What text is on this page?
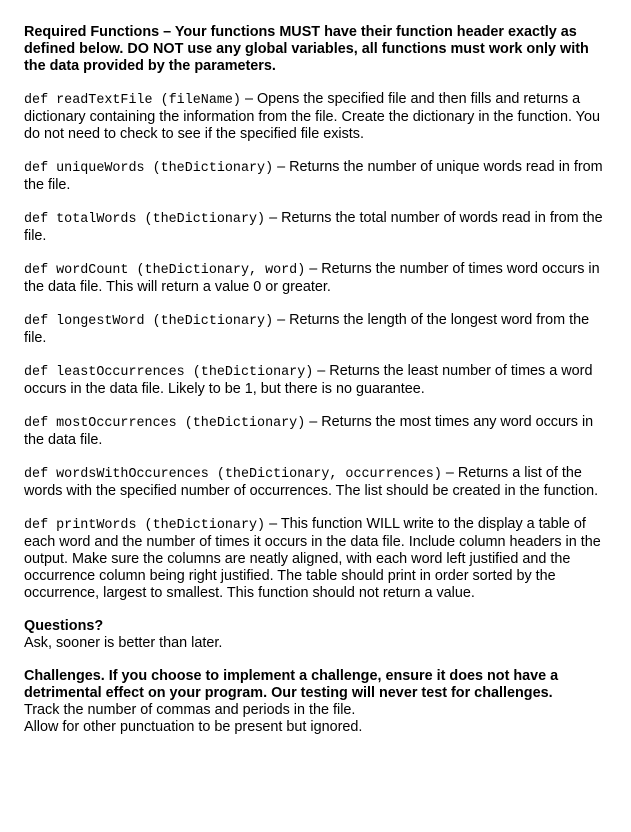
Required Functions – Your functions MUST have their function header exactly as defined below. DO NOT use any global variables, all functions must work only with the data provided by the parameters.

def readTextFile (fileName) – Opens the specified file and then fills and returns a dictionary containing the information from the file. Create the dictionary in the function. You do not need to check to see if the specified file exists.

def uniqueWords (theDictionary) – Returns the number of unique words read in from the file.

def totalWords (theDictionary) – Returns the total number of words read in from the file.

def wordCount (theDictionary, word) – Returns the number of times word occurs in the data file. This will return a value 0 or greater.

def longestWord (theDictionary) – Returns the length of the longest word from the file.

def leastOccurrences (theDictionary) – Returns the least number of times a word occurs in the data file. Likely to be 1, but there is no guarantee.

def mostOccurrences (theDictionary) – Returns the most times any word occurs in the data file.

def wordsWithOccurences (theDictionary, occurrences) – Returns a list of the words with the specified number of occurrences. The list should be created in the function.

def printWords (theDictionary) – This function WILL write to the display a table of each word and the number of times it occurs in the data file. Include column headers in the output. Make sure the columns are neatly aligned, with each word left justified and the occurrence column being right justified. The table should print in order sorted by the occurrence, largest to smallest. This function should not return a value.

Questions?
Ask, sooner is better than later.
Challenges. If you choose to implement a challenge, ensure it does not have a detrimental effect on your program. Our testing will never test for challenges.
Track the number of commas and periods in the file.
Allow for other punctuation to be present but ignored.
